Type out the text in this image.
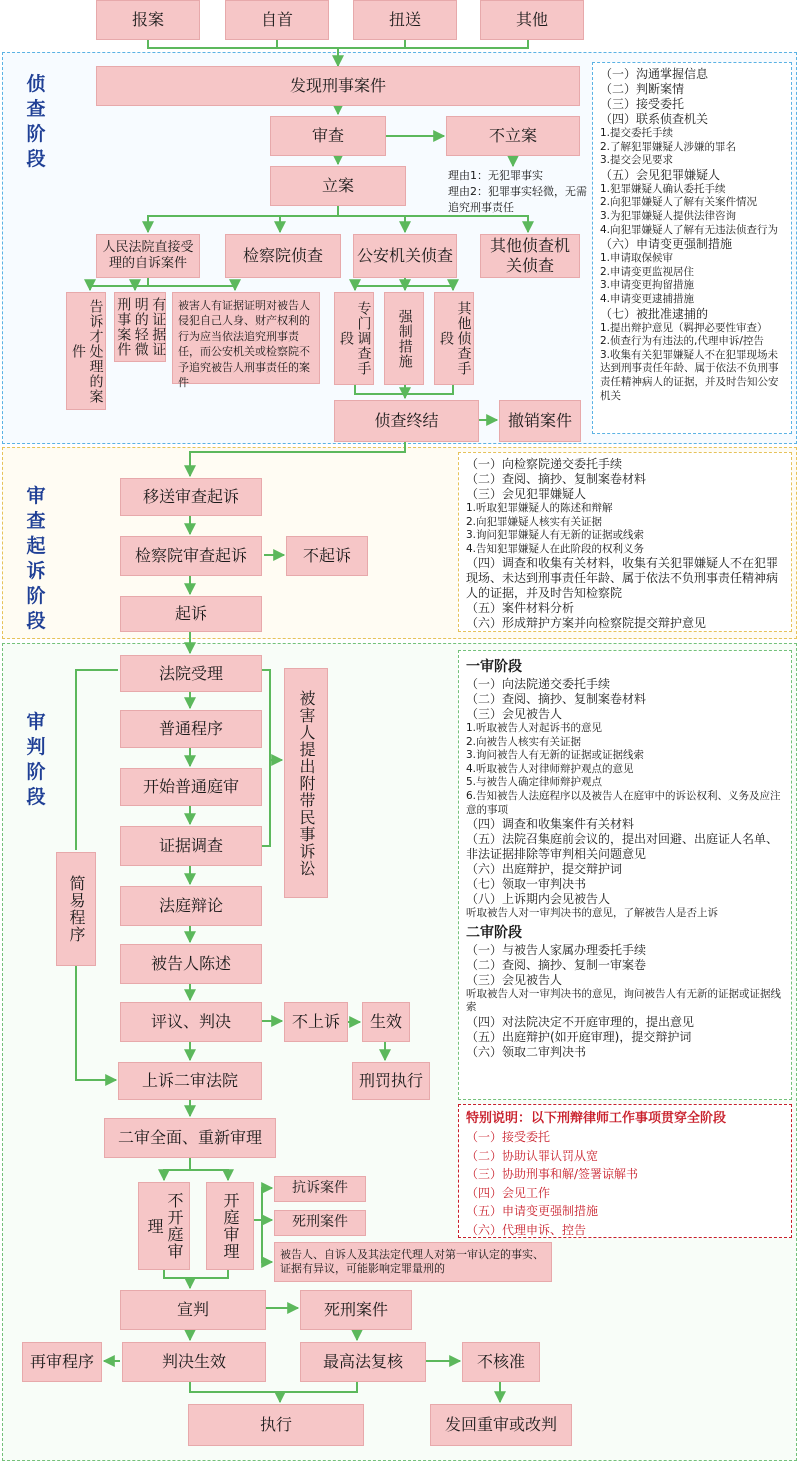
侦查阶段
审查起诉阶段
审判阶段
报案	自首	扭送	其他
发现刑事案件
审查	不立案
理由1：无犯罪事实
理由2：犯罪事实轻微，无需追究刑事责任
立案
人民法院直接受理的自诉案件	检察院侦查	公安机关侦查
其他侦查机关侦查
告诉才处理的案件	有证据证明的轻微刑事案件	被害人有证据证明对被告人侵犯自己人身、财产权利的行为应当依法追究刑事责任，而公安机关或检察院不予追究被告人刑事责任的案件
专门调查手段	强制措施	其他侦查手段
侦查终结	撤销案件
（一）沟通掌握信息
（二）判断案情
（三）接受委托
（四）联系侦查机关
1.提交委托手续
2.了解犯罪嫌疑人涉嫌的罪名
3.提交会见要求
（五）会见犯罪嫌疑人
1.犯罪嫌疑人确认委托手续
2.向犯罪嫌疑人了解有关案件情况
3.为犯罪嫌疑人提供法律咨询
4.向犯罪嫌疑人了解有无违法侦查行为
（六）申请变更强制措施
1.申请取保候审
2.申请变更监视居住
3.申请变更拘留措施
4.申请变更逮捕措施
（七）被批准逮捕的
1.提出辩护意见（羁押必要性审查）
2.侦查行为有违法的,代理申诉/控告
3.收集有关犯罪嫌疑人不在犯罪现场未达到刑事责任年龄、属于依法不负刑事责任精神病人的证据，并及时告知公安机关
移送审查起诉
检察院审查起诉	不起诉
起诉
（一）向检察院递交委托手续
（二）查阅、摘抄、复制案卷材料
（三）会见犯罪嫌疑人
1.听取犯罪嫌疑人的陈述和辩解
2.向犯罪嫌疑人核实有关证据
3.询问犯罪嫌疑人有无新的证据或线索
4.告知犯罪嫌疑人在此阶段的权利义务
（四）调查和收集有关材料，收集有关犯罪嫌疑人不在犯罪现场、未达到刑事责任年龄、属于依法不负刑事责任精神病人的证据，并及时告知检察院
（五）案件材料分析
（六）形成辩护方案并向检察院提交辩护意见
法院受理
普通程序
开始普通庭审
证据调查
法庭辩论
被告人陈述
评议、判决	不上诉	生效
刑罚执行
上诉二审法院
简易程序
被害人提出附带民事诉讼
二审全面、重新审理
不开庭审理	开庭审理
抗诉案件
死刑案件
被告人、自诉人及其法定代理人对第一审认定的事实、证据有异议，可能影响定罪量刑的
宣判	死刑案件
再审程序	判决生效	最高法复核	不核准
执行	发回重审或改判
一审阶段
（一）向法院递交委托手续
（二）查阅、摘抄、复制案卷材料
（三）会见被告人
1.听取被告人对起诉书的意见
2.向被告人核实有关证据
3.询问被告人有无新的证据或证据线索
4.听取被告人对律师辩护观点的意见
5.与被告人确定律师辩护观点
6.告知被告人法庭程序以及被告人在庭审中的诉讼权利、义务及应注意的事项
（四）调查和收集案件有关材料
（五）法院召集庭前会议的，提出对回避、出庭证人名单、非法证据排除等审判相关问题意见
（六）出庭辩护，提交辩护词
（七）领取一审判决书
（八）上诉期内会见被告人
听取被告人对一审判决书的意见，了解被告人是否上诉
二审阶段
（一）与被告人家属办理委托手续
（二）查阅、摘抄、复制一审案卷
（三）会见被告人
听取被告人对一审判决书的意见，询问被告人有无新的证据或证据线索
（四）对法院决定不开庭审理的，提出意见
（五）出庭辩护(如开庭审理)，提交辩护词
（六）领取二审判决书
特别说明：以下刑辩律师工作事项贯穿全阶段
（一）接受委托
（二）协助认罪认罚从宽
（三）协助刑事和解/签署谅解书
（四）会见工作
（五）申请变更强制措施
（六）代理申诉、控告
